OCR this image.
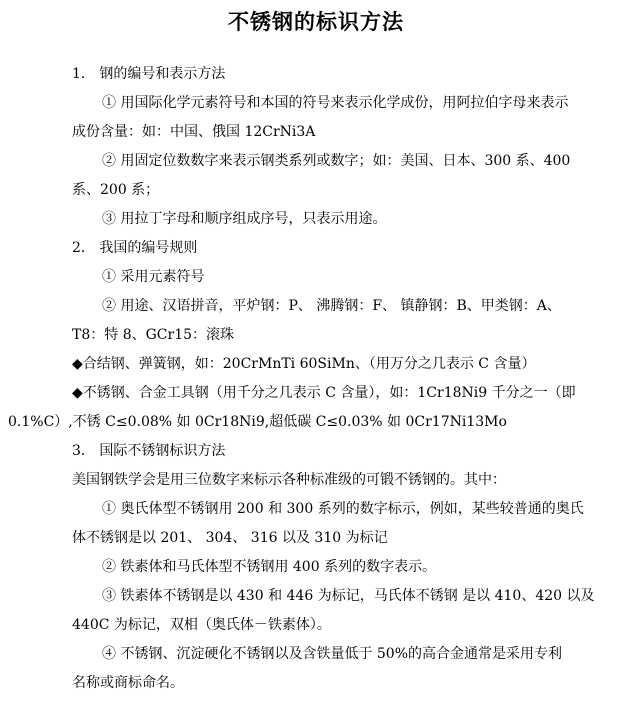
不锈钢的标识方法
1． 钢的编号和表示方法
① 用国际化学元素符号和本国的符号来表示化学成份，用阿拉伯字母来表示
成份含量：如：中国、俄国 12CrNi3A
② 用固定位数数字来表示钢类系列或数字；如：美国、日本、300 系、400
系、200 系；
③ 用拉丁字母和顺序组成序号，只表示用途。
2． 我国的编号规则
① 采用元素符号
② 用途、汉语拼音，平炉钢：P、 沸腾钢：F、 镇静钢：B、甲类钢：A、
T8：特 8、GCr15：滚珠
◆合结钢、弹簧钢，如：20CrMnTi 60SiMn、（用万分之几表示 C 含量）
◆不锈钢、合金工具钢（用千分之几表示 C 含量），如：1Cr18Ni9 千分之一（即
0.1%C）,不锈 C≤0.08% 如 0Cr18Ni9,超低碳 C≤0.03% 如 0Cr17Ni13Mo
3． 国际不锈钢标识方法
美国钢铁学会是用三位数字来标示各种标准级的可锻不锈钢的。其中：
① 奥氏体型不锈钢用 200 和 300 系列的数字标示，例如，某些较普通的奥氏
体不锈钢是以 201、 304、 316 以及 310 为标记
② 铁素体和马氏体型不锈钢用 400 系列的数字表示。
③ 铁素体不锈钢是以 430 和 446 为标记，马氏体不锈钢 是以 410、420 以及
440C 为标记，双相（奥氏体－铁素体）。
④ 不锈钢、沉淀硬化不锈钢以及含铁量低于 50%的高合金通常是采用专利
名称或商标命名。
